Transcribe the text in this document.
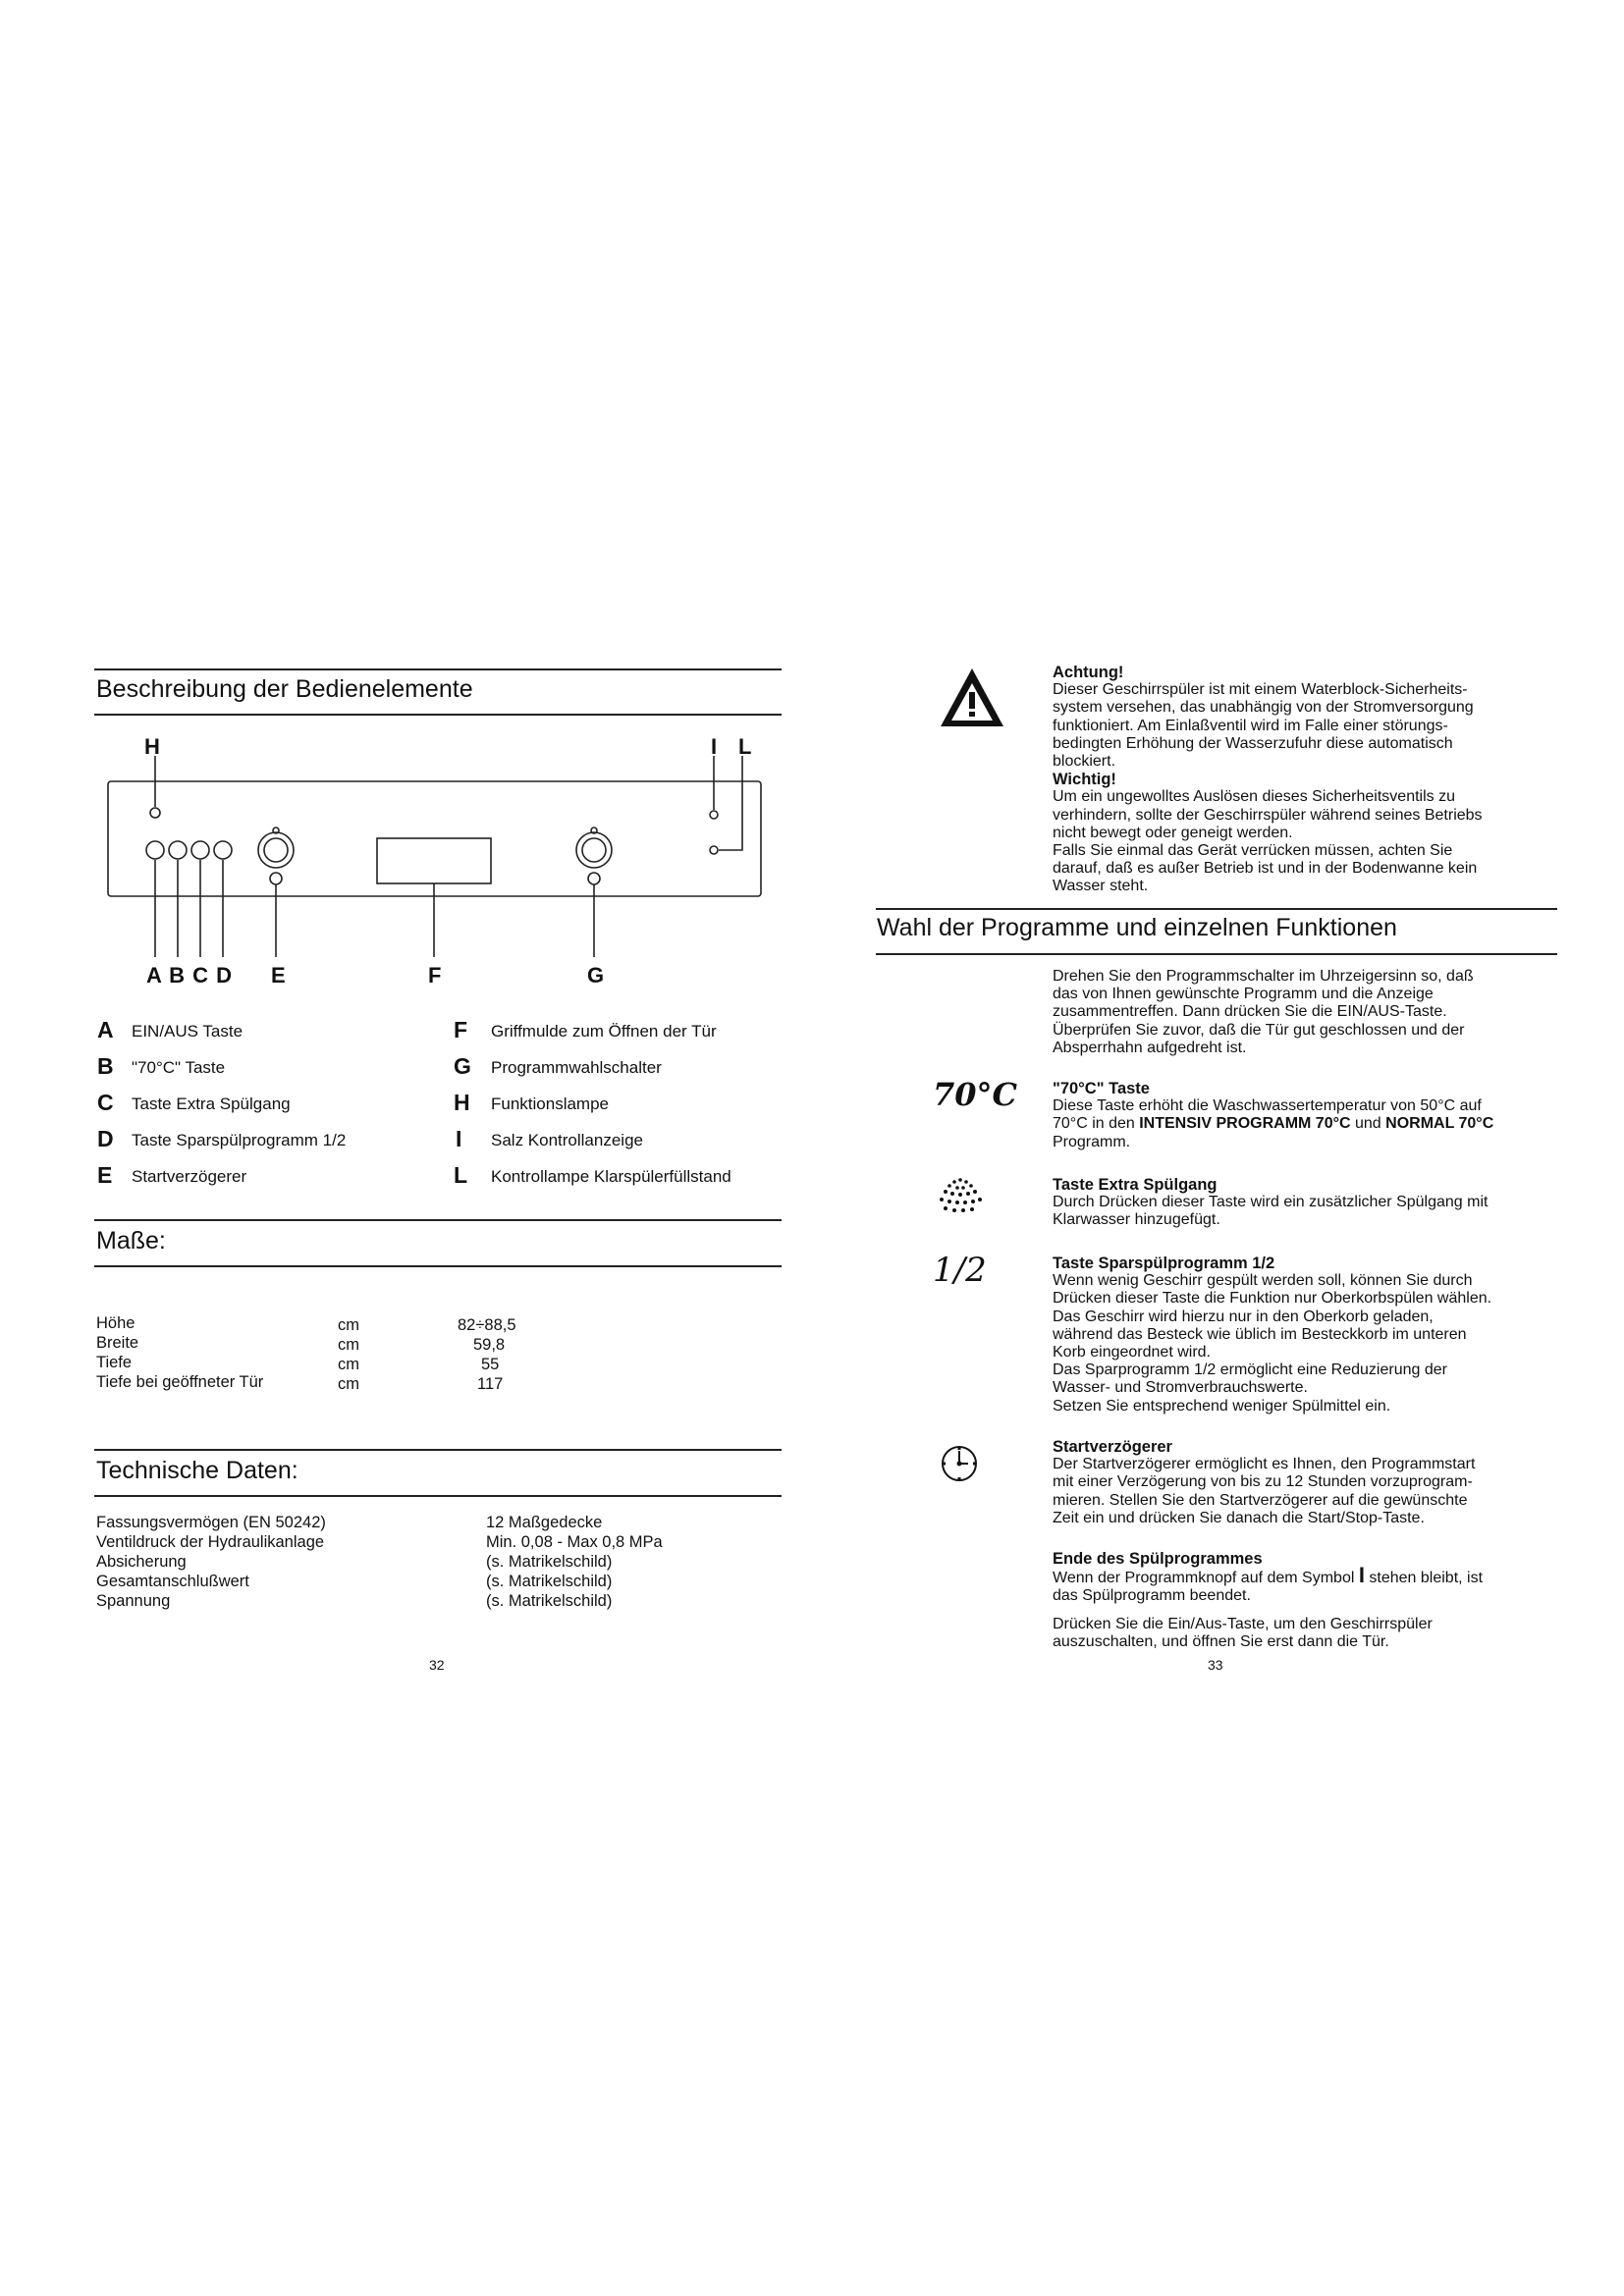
Beschreibung der Bedienelemente
H	I L
A B C D E	F	G
A EIN/AUS Taste
B "70°C" Taste
C Taste Extra Spülgang
D Taste Sparspülprogramm 1/2
E Startverzögerer
F Griffmulde zum Öffnen der Tür
G Programmwahlschalter
H Funktionslampe
I Salz Kontrollanzeige
L Kontrollampe Klarspülerfüllstand
Maße:
Höhe	cm	82÷88,5
Breite	cm	59,8
Tiefe	cm	55
Tiefe bei geöffneter Tür	cm	117
Technische Daten:
Fassungsvermögen (EN 50242)	12 Maßgedecke
Ventildruck der Hydraulikanlage	Min. 0,08 - Max 0,8 MPa
Absicherung	(s. Matrikelschild)
Gesamtanschlußwert	(s. Matrikelschild)
Spannung	(s. Matrikelschild)
32
Achtung!
Dieser Geschirrspüler ist mit einem Waterblock-Sicherheits-
system versehen, das unabhängig von der Stromversorgung
funktioniert. Am Einlaßventil wird im Falle einer störungs-
bedingten Erhöhung der Wasserzufuhr diese automatisch
blockiert.
Wichtig!
Um ein ungewolltes Auslösen dieses Sicherheitsventils zu
verhindern, sollte der Geschirrspüler während seines Betriebs
nicht bewegt oder geneigt werden.
Falls Sie einmal das Gerät verrücken müssen, achten Sie
darauf, daß es außer Betrieb ist und in der Bodenwanne kein
Wasser steht.
Wahl der Programme und einzelnen Funktionen
Drehen Sie den Programmschalter im Uhrzeigersinn so, daß
das von Ihnen gewünschte Programm und die Anzeige
zusammentreffen. Dann drücken Sie die EIN/AUS-Taste.
Überprüfen Sie zuvor, daß die Tür gut geschlossen und der
Absperrhahn aufgedreht ist.
70°C "70°C" Taste
Diese Taste erhöht die Waschwassertemperatur von 50°C auf
70°C in den INTENSIV PROGRAMM 70°C und NORMAL 70°C
Programm.
Taste Extra Spülgang
Durch Drücken dieser Taste wird ein zusätzlicher Spülgang mit
Klarwasser hinzugefügt.
1/2	Taste Sparspülprogramm 1/2
Wenn wenig Geschirr gespült werden soll, können Sie durch
Drücken dieser Taste die Funktion nur Oberkorbspülen wählen.
Das Geschirr wird hierzu nur in den Oberkorb geladen,
während das Besteck wie üblich im Besteckkorb im unteren
Korb eingeordnet wird.
Das Sparprogramm 1/2 ermöglicht eine Reduzierung der
Wasser- und Stromverbrauchswerte.
Setzen Sie entsprechend weniger Spülmittel ein.
Startverzögerer
Der Startverzögerer ermöglicht es Ihnen, den Programmstart
mit einer Verzögerung von bis zu 12 Stunden vorzuprogram-
mieren. Stellen Sie den Startverzögerer auf die gewünschte
Zeit ein und drücken Sie danach die Start/Stop-Taste.
Ende des Spülprogrammes
Wenn der Programmknopf auf dem Symbol I stehen bleibt, ist
das Spülprogramm beendet.
Drücken Sie die Ein/Aus-Taste, um den Geschirrspüler
auszuschalten, und öffnen Sie erst dann die Tür.
33
